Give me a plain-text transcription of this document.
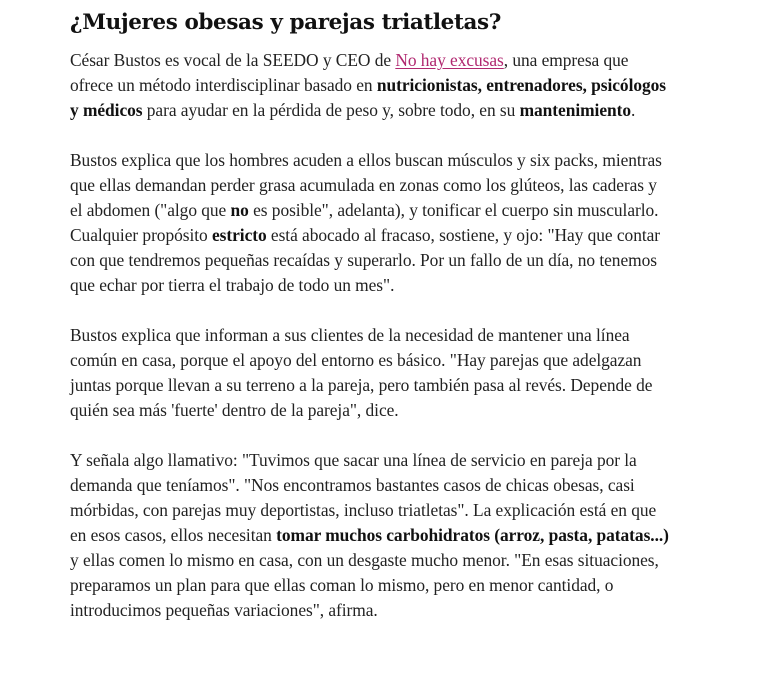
¿Mujeres obesas y parejas triatletas?

César Bustos es vocal de la SEEDO y CEO de No hay excusas, una empresa que ofrece un método interdisciplinar basado en nutricionistas, entrenadores, psicólogos y médicos para ayudar en la pérdida de peso y, sobre todo, en su mantenimiento.

Bustos explica que los hombres acuden a ellos buscan músculos y six packs, mientras que ellas demandan perder grasa acumulada en zonas como los glúteos, las caderas y el abdomen ("algo que no es posible", adelanta), y tonificar el cuerpo sin muscularlo. Cualquier propósito estricto está abocado al fracaso, sostiene, y ojo: "Hay que contar con que tendremos pequeñas recaídas y superarlo. Por un fallo de un día, no tenemos que echar por tierra el trabajo de todo un mes".

Bustos explica que informan a sus clientes de la necesidad de mantener una línea común en casa, porque el apoyo del entorno es básico. "Hay parejas que adelgazan juntas porque llevan a su terreno a la pareja, pero también pasa al revés. Depende de quién sea más 'fuerte' dentro de la pareja", dice.

Y señala algo llamativo: "Tuvimos que sacar una línea de servicio en pareja por la demanda que teníamos". "Nos encontramos bastantes casos de chicas obesas, casi mórbidas, con parejas muy deportistas, incluso triatletas". La explicación está en que en esos casos, ellos necesitan tomar muchos carbohidratos (arroz, pasta, patatas...) y ellas comen lo mismo en casa, con un desgaste mucho menor. "En esas situaciones, preparamos un plan para que ellas coman lo mismo, pero en menor cantidad, o introducimos pequeñas variaciones", afirma.
